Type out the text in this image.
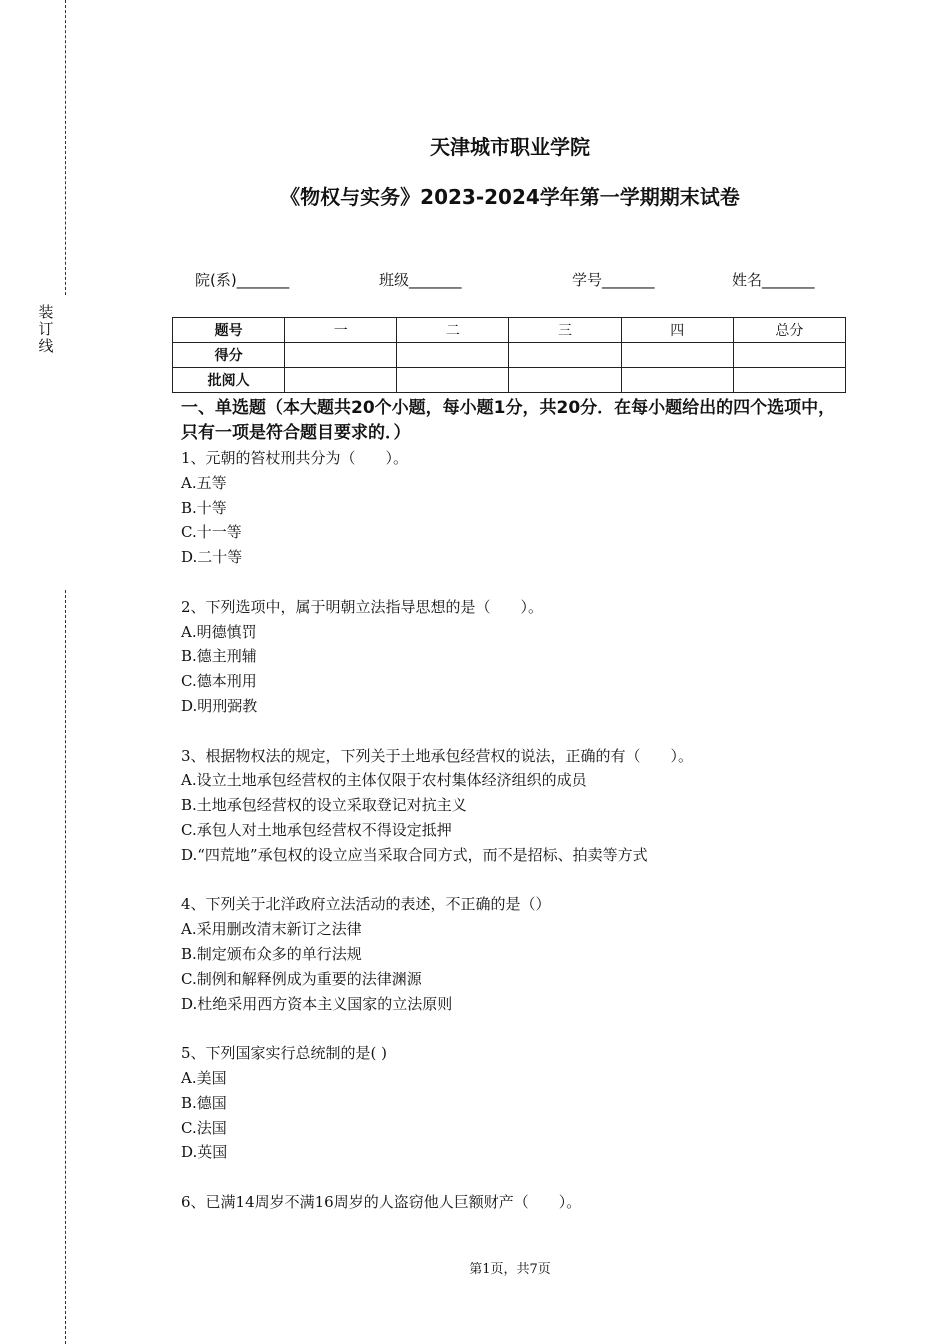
装
订
线
天津城市职业学院
《物权与实务》2023-2024学年第一学期期末试卷
院(系)_______	班级_______	学号_______	姓名_______
题号	一	二	三	四	总分
得分					
批阅人					
一、单选题（本大题共20个小题，每小题1分，共20分．在每小题给出的四个选项中，只有一项是符合题目要求的．）
1、元朝的笞杖刑共分为（　　）。
A.五等
B.十等
C.十一等
D.二十等
2、下列选项中，属于明朝立法指导思想的是（　　）。
A.明德慎罚
B.德主刑辅
C.德本刑用
D.明刑弼教
3、根据物权法的规定，下列关于土地承包经营权的说法，正确的有（　　）。
A.设立土地承包经营权的主体仅限于农村集体经济组织的成员
B.土地承包经营权的设立采取登记对抗主义
C.承包人对土地承包经营权不得设定抵押
D.“四荒地”承包权的设立应当采取合同方式，而不是招标、拍卖等方式
4、下列关于北洋政府立法活动的表述，不正确的是（）
A.采用删改清末新订之法律
B.制定颁布众多的单行法规
C.制例和解释例成为重要的法律渊源
D.杜绝采用西方资本主义国家的立法原则
5、下列国家实行总统制的是( )
A.美国
B.德国
C.法国
D.英国
6、已满14周岁不满16周岁的人盗窃他人巨额财产（　　）。
第1页，共7页
